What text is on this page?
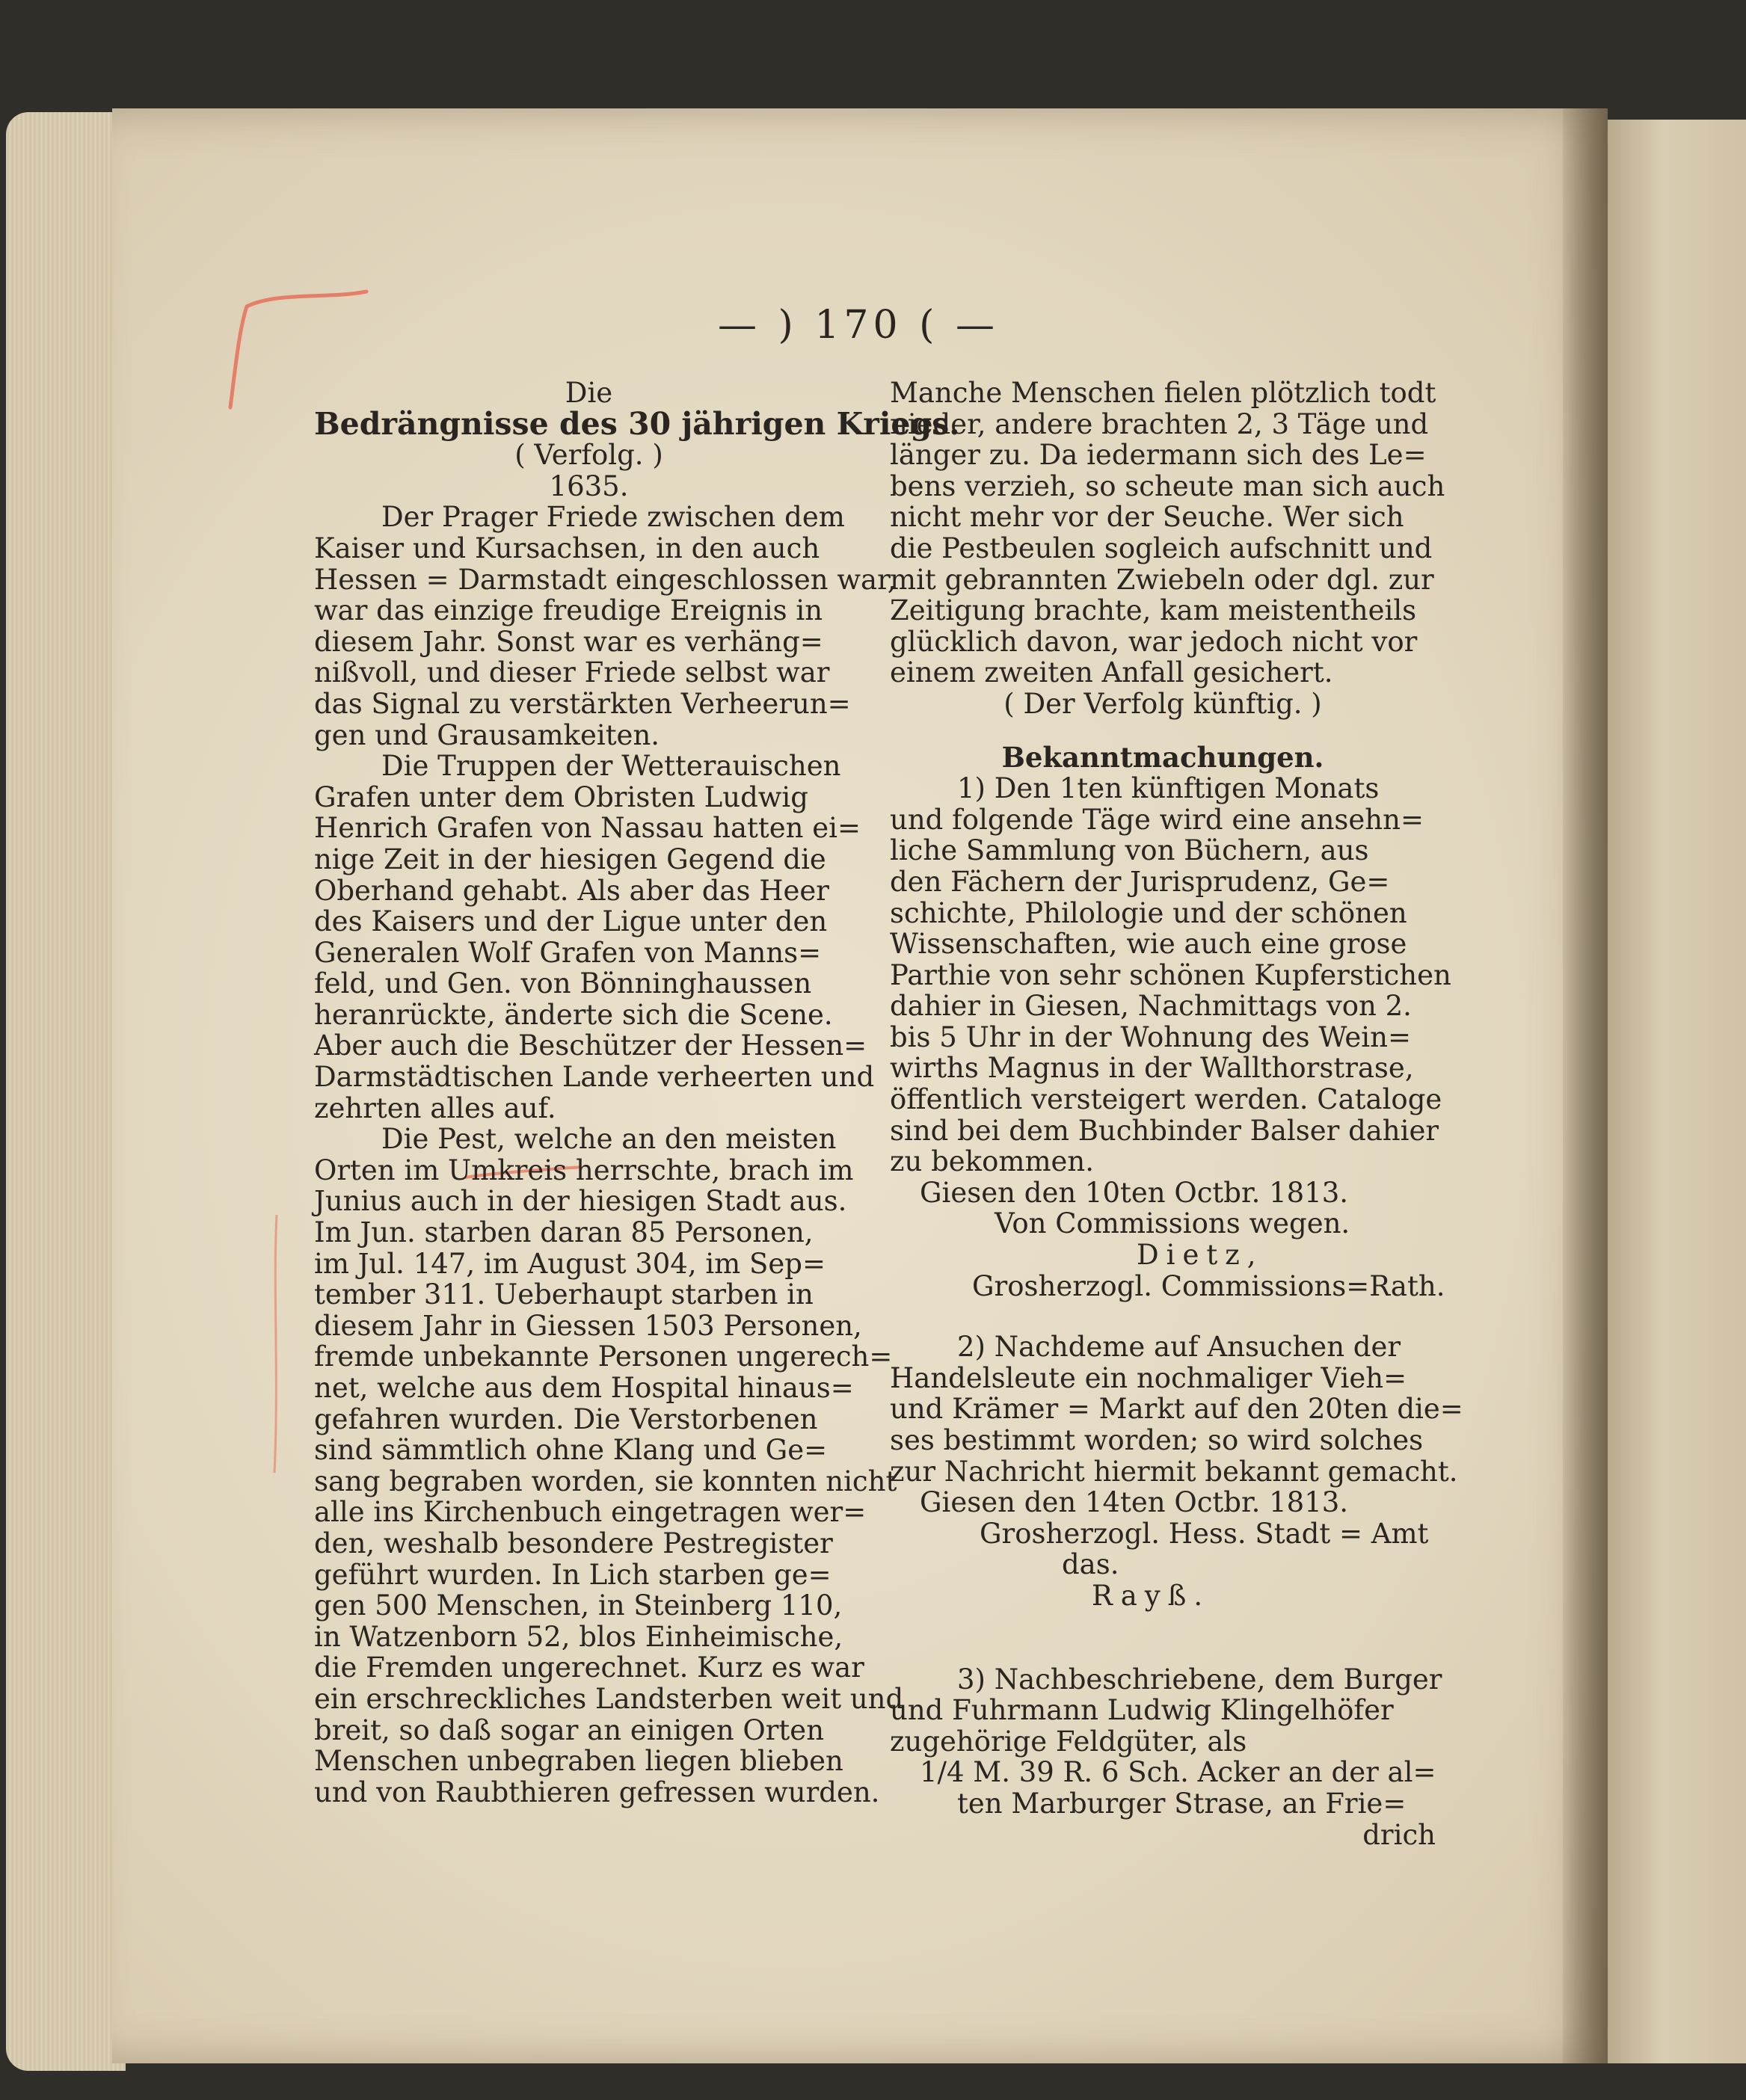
— ) 170 ( —
Die
Bedrängnisse des 30 jährigen Kriegs.
( Verfolg. )
1635.
Der Prager Friede zwischen dem
Kaiser und Kursachsen, in den auch
Hessen = Darmstadt eingeschlossen war,
war das einzige freudige Ereignis in
diesem Jahr. Sonst war es verhäng=
nißvoll, und dieser Friede selbst war
das Signal zu verstärkten Verheerun=
gen und Grausamkeiten.
Die Truppen der Wetterauischen
Grafen unter dem Obristen Ludwig
Henrich Grafen von Nassau hatten ei=
nige Zeit in der hiesigen Gegend die
Oberhand gehabt. Als aber das Heer
des Kaisers und der Ligue unter den
Generalen Wolf Grafen von Manns=
feld, und Gen. von Bönninghaussen
heranrückte, änderte sich die Scene.
Aber auch die Beschützer der Hessen=
Darmstädtischen Lande verheerten und
zehrten alles auf.
Die Pest, welche an den meisten
Orten im Umkreis herrschte, brach im
Junius auch in der hiesigen Stadt aus.
Im Jun. starben daran 85 Personen,
im Jul. 147, im August 304, im Sep=
tember 311. Ueberhaupt starben in
diesem Jahr in Giessen 1503 Personen,
fremde unbekannte Personen ungerech=
net, welche aus dem Hospital hinaus=
gefahren wurden. Die Verstorbenen
sind sämmtlich ohne Klang und Ge=
sang begraben worden, sie konnten nicht
alle ins Kirchenbuch eingetragen wer=
den, weshalb besondere Pestregister
geführt wurden. In Lich starben ge=
gen 500 Menschen, in Steinberg 110,
in Watzenborn 52, blos Einheimische,
die Fremden ungerechnet. Kurz es war
ein erschreckliches Landsterben weit und
breit, so daß sogar an einigen Orten
Menschen unbegraben liegen blieben
und von Raubthieren gefressen wurden.
Manche Menschen fielen plötzlich todt
nieder, andere brachten 2, 3 Täge und
länger zu. Da iedermann sich des Le=
bens verzieh, so scheute man sich auch
nicht mehr vor der Seuche. Wer sich
die Pestbeulen sogleich aufschnitt und
mit gebrannten Zwiebeln oder dgl. zur
Zeitigung brachte, kam meistentheils
glücklich davon, war jedoch nicht vor
einem zweiten Anfall gesichert.
( Der Verfolg künftig. )
Bekanntmachungen.
1) Den 1ten künftigen Monats
und folgende Täge wird eine ansehn=
liche Sammlung von Büchern, aus
den Fächern der Jurisprudenz, Ge=
schichte, Philologie und der schönen
Wissenschaften, wie auch eine grose
Parthie von sehr schönen Kupferstichen
dahier in Giesen, Nachmittags von 2.
bis 5 Uhr in der Wohnung des Wein=
wirths Magnus in der Wallthorstrase,
öffentlich versteigert werden. Cataloge
sind bei dem Buchbinder Balser dahier
zu bekommen.
Giesen den 10ten Octbr. 1813.
Von Commissions wegen.
Dietz,
Grosherzogl. Commissions=Rath.
2) Nachdeme auf Ansuchen der
Handelsleute ein nochmaliger Vieh=
und Krämer = Markt auf den 20ten die=
ses bestimmt worden; so wird solches
zur Nachricht hiermit bekannt gemacht.
Giesen den 14ten Octbr. 1813.
Grosherzogl. Hess. Stadt = Amt
das.
Rayß.
3) Nachbeschriebene, dem Burger
und Fuhrmann Ludwig Klingelhöfer
zugehörige Feldgüter, als
1/4 M. 39 R. 6 Sch. Acker an der al=
ten Marburger Strase, an Frie=
drich
